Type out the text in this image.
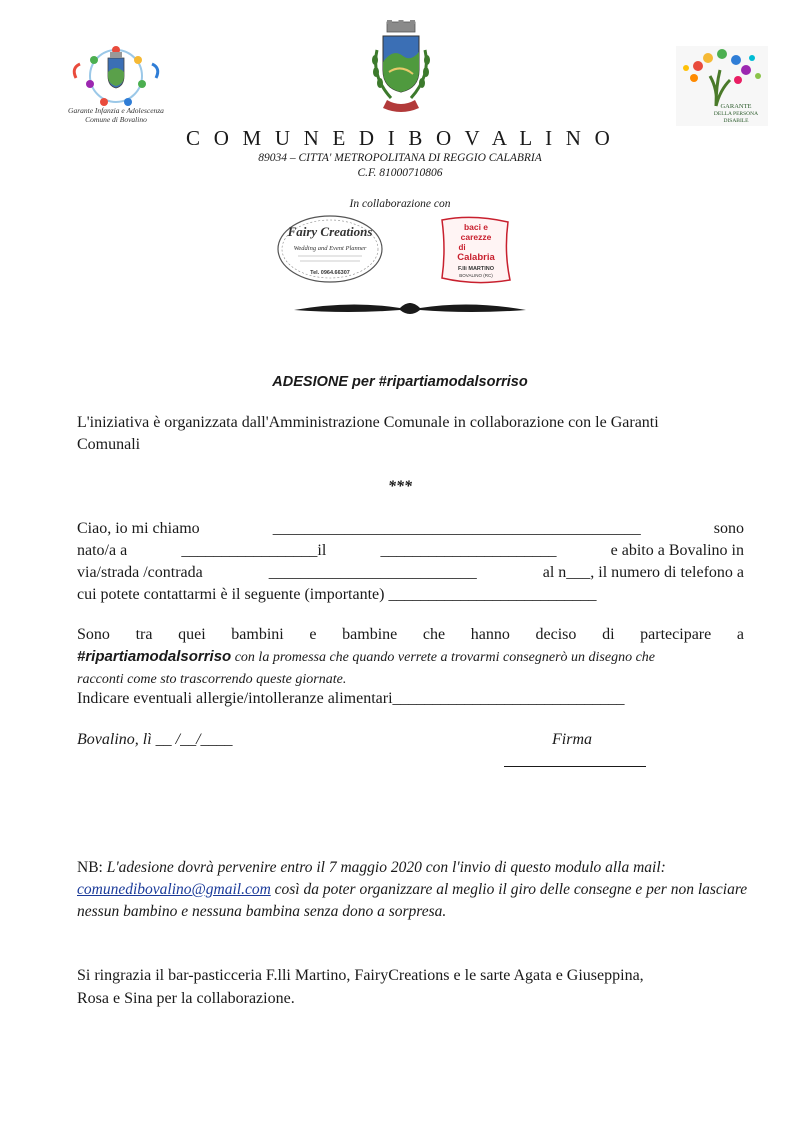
Garante Infanzia e Adolescenza
Comune di Bovalino
GARANTE
DELLA PERSONA
DISABILE
C O M U N E D I B O V A L I N O
89034 – CITTA' METROPOLITANA DI REGGIO CALABRIA
C.F. 81000710806
In collaborazione con
Fairy Creations
Wedding and Event Planner
Tel. 0964.66307
baci e
carezze
di
Calabria
F.lli MARTINO
BOVALINO (RC)
ADESIONE per #ripartiamodalsorriso
L'iniziativa è organizzata dall'Amministrazione Comunale in collaborazione con le Garanti
Comunali
***
Ciao, io mi chiamo	______________________________________________	sono
nato/a a	_________________il	______________________	e abito a Bovalino in
via/strada /contrada	__________________________	al n___, il numero di telefono a
cui potete contattarmi è il seguente (importante) __________________________
Sono tra quei bambini e bambine che hanno deciso di partecipare a
#ripartiamodalsorriso con la promessa che quando verrete a trovarmi consegnerò un disegno che
racconti come sto trascorrendo queste giornate.
Indicare eventuali allergie/intolleranze alimentari_____________________________
Bovalino, lì __ /__/____	Firma
NB: L'adesione dovrà pervenire entro il 7 maggio 2020 con l'invio di questo modulo alla mail:
comunedibovalino@gmail.com così da poter organizzare al meglio il giro delle consegne e per non lasciare
nessun bambino e nessuna bambina senza dono a sorpresa.
Si ringrazia il bar-pasticceria F.lli Martino, FairyCreations e le sarte Agata e Giuseppina,
Rosa e Sina per la collaborazione.
